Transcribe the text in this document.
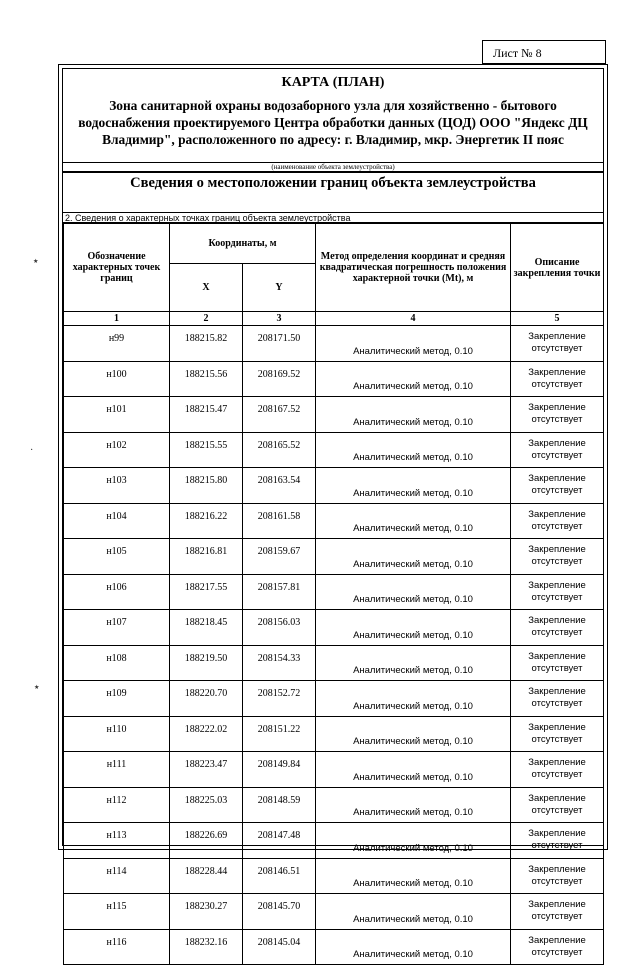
Лист № 8
КАРТА (ПЛАН)
Зона санитарной охраны водозаборного узла для хозяйственно - бытового водоснабжения проектируемого Центра обработки данных (ЦОД) ООО "Яндекс ДЦ Владимир", расположенного по адресу: г. Владимир, мкр. Энергетик II пояс
(наименование объекта землеустройства)
Сведения о местоположении границ объекта землеустройства
2. Сведения о характерных точках границ объекта землеустройства
Обозначение характерных точек границ	Координаты, м		Метод определения координат и средняя квадратическая погрешность положения характерной точки (Mt), м	Описание закрепления точки
	X	Y		
1	2	3	4	5
н99	188215.82	208171.50	Аналитический метод, 0.10	Закрепление отсутствует
н100	188215.56	208169.52	Аналитический метод, 0.10	Закрепление отсутствует
н101	188215.47	208167.52	Аналитический метод, 0.10	Закрепление отсутствует
н102	188215.55	208165.52	Аналитический метод, 0.10	Закрепление отсутствует
н103	188215.80	208163.54	Аналитический метод, 0.10	Закрепление отсутствует
н104	188216.22	208161.58	Аналитический метод, 0.10	Закрепление отсутствует
н105	188216.81	208159.67	Аналитический метод, 0.10	Закрепление отсутствует
н106	188217.55	208157.81	Аналитический метод, 0.10	Закрепление отсутствует
н107	188218.45	208156.03	Аналитический метод, 0.10	Закрепление отсутствует
н108	188219.50	208154.33	Аналитический метод, 0.10	Закрепление отсутствует
н109	188220.70	208152.72	Аналитический метод, 0.10	Закрепление отсутствует
н110	188222.02	208151.22	Аналитический метод, 0.10	Закрепление отсутствует
н111	188223.47	208149.84	Аналитический метод, 0.10	Закрепление отсутствует
н112	188225.03	208148.59	Аналитический метод, 0.10	Закрепление отсутствует
н113	188226.69	208147.48	Аналитический метод, 0.10	Закрепление отсутствует
н114	188228.44	208146.51	Аналитический метод, 0.10	Закрепление отсутствует
н115	188230.27	208145.70	Аналитический метод, 0.10	Закрепление отсутствует
н116	188232.16	208145.04	Аналитический метод, 0.10	Закрепление отсутствует
٭
·
٭
